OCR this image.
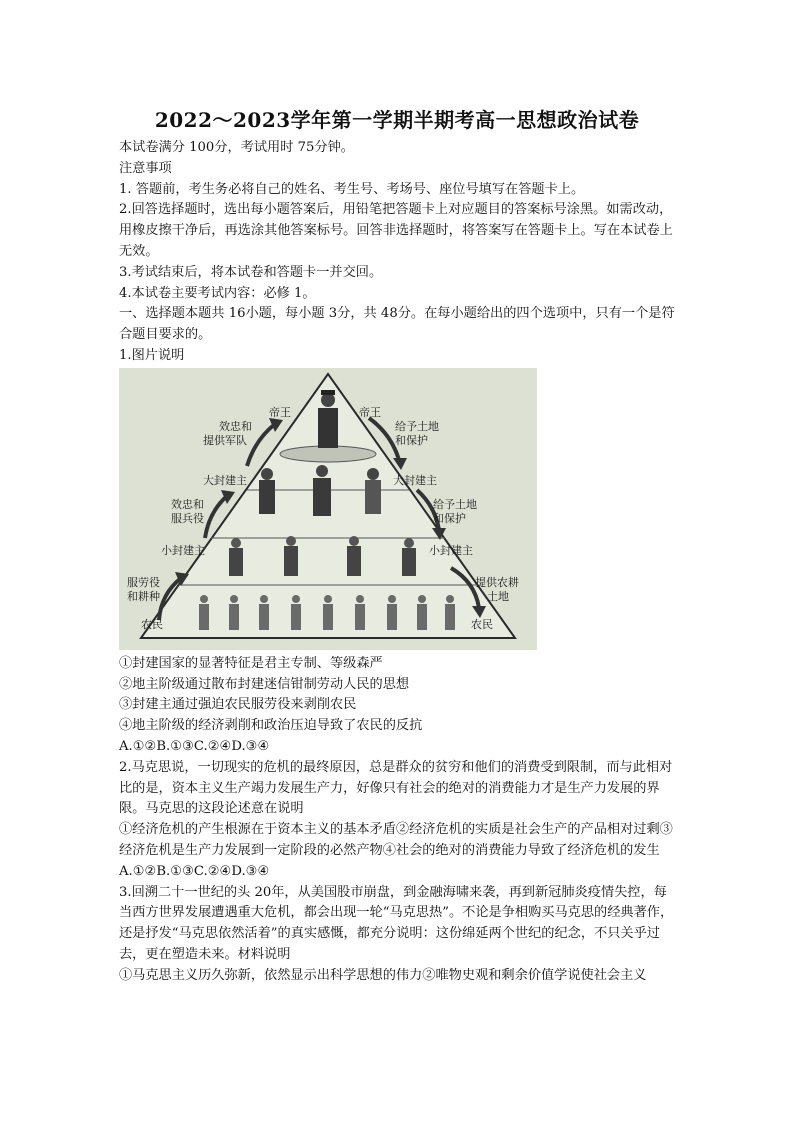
2022～2023学年第一学期半期考高一思想政治试卷

本试卷满分 100分，考试用时 75分钟。

注意事项

1. 答题前，考生务必将自己的姓名、考生号、考场号、座位号填写在答题卡上。

2.回答选择题时，选出每小题答案后，用铅笔把答题卡上对应题目的答案标号涂黑。如需改动，用橡皮擦干净后，再选涂其他答案标号。回答非选择题时，将答案写在答题卡上。写在本试卷上无效。

3.考试结束后，将本试卷和答题卡一并交回。

4.本试卷主要考试内容：必修 1。

一、选择题本题共 16小题，每小题 3分，共 48分。在每小题给出的四个选项中，只有一个是符合题目要求的。

1.图片说明

帝王	帝王
大封建主	大封建主
小封建主	小封建主
农民	农民
效忠和
提供军队
效忠和
服兵役
服劳役
和耕种
给予土地
和保护
给予土地
和保护
提供农耕
土地

①封建国家的显著特征是君主专制、等级森严

②地主阶级通过散布封建迷信钳制劳动人民的思想

③封建主通过强迫农民服劳役来剥削农民

④地主阶级的经济剥削和政治压迫导致了农民的反抗

A.①②B.①③C.②④D.③④

2.马克思说，一切现实的危机的最终原因，总是群众的贫穷和他们的消费受到限制，而与此相对比的是，资本主义生产竭力发展生产力，好像只有社会的绝对的消费能力才是生产力发展的界限。马克思的这段论述意在说明

①经济危机的产生根源在于资本主义的基本矛盾②经济危机的实质是社会生产的产品相对过剩③经济危机是生产力发展到一定阶段的必然产物④社会的绝对的消费能力导致了经济危机的发生

A.①②B.①③C.②④D.③④

3.回溯二十一世纪的头 20年，从美国股市崩盘，到金融海啸来袭，再到新冠肺炎疫情失控，每当西方世界发展遭遇重大危机，都会出现一轮“马克思热”。不论是争相购买马克思的经典著作，还是抒发“马克思依然活着”的真实感慨，都充分说明：这份绵延两个世纪的纪念，不只关乎过去，更在塑造未来。材料说明

①马克思主义历久弥新，依然显示出科学思想的伟力②唯物史观和剩余价值学说使社会主义
